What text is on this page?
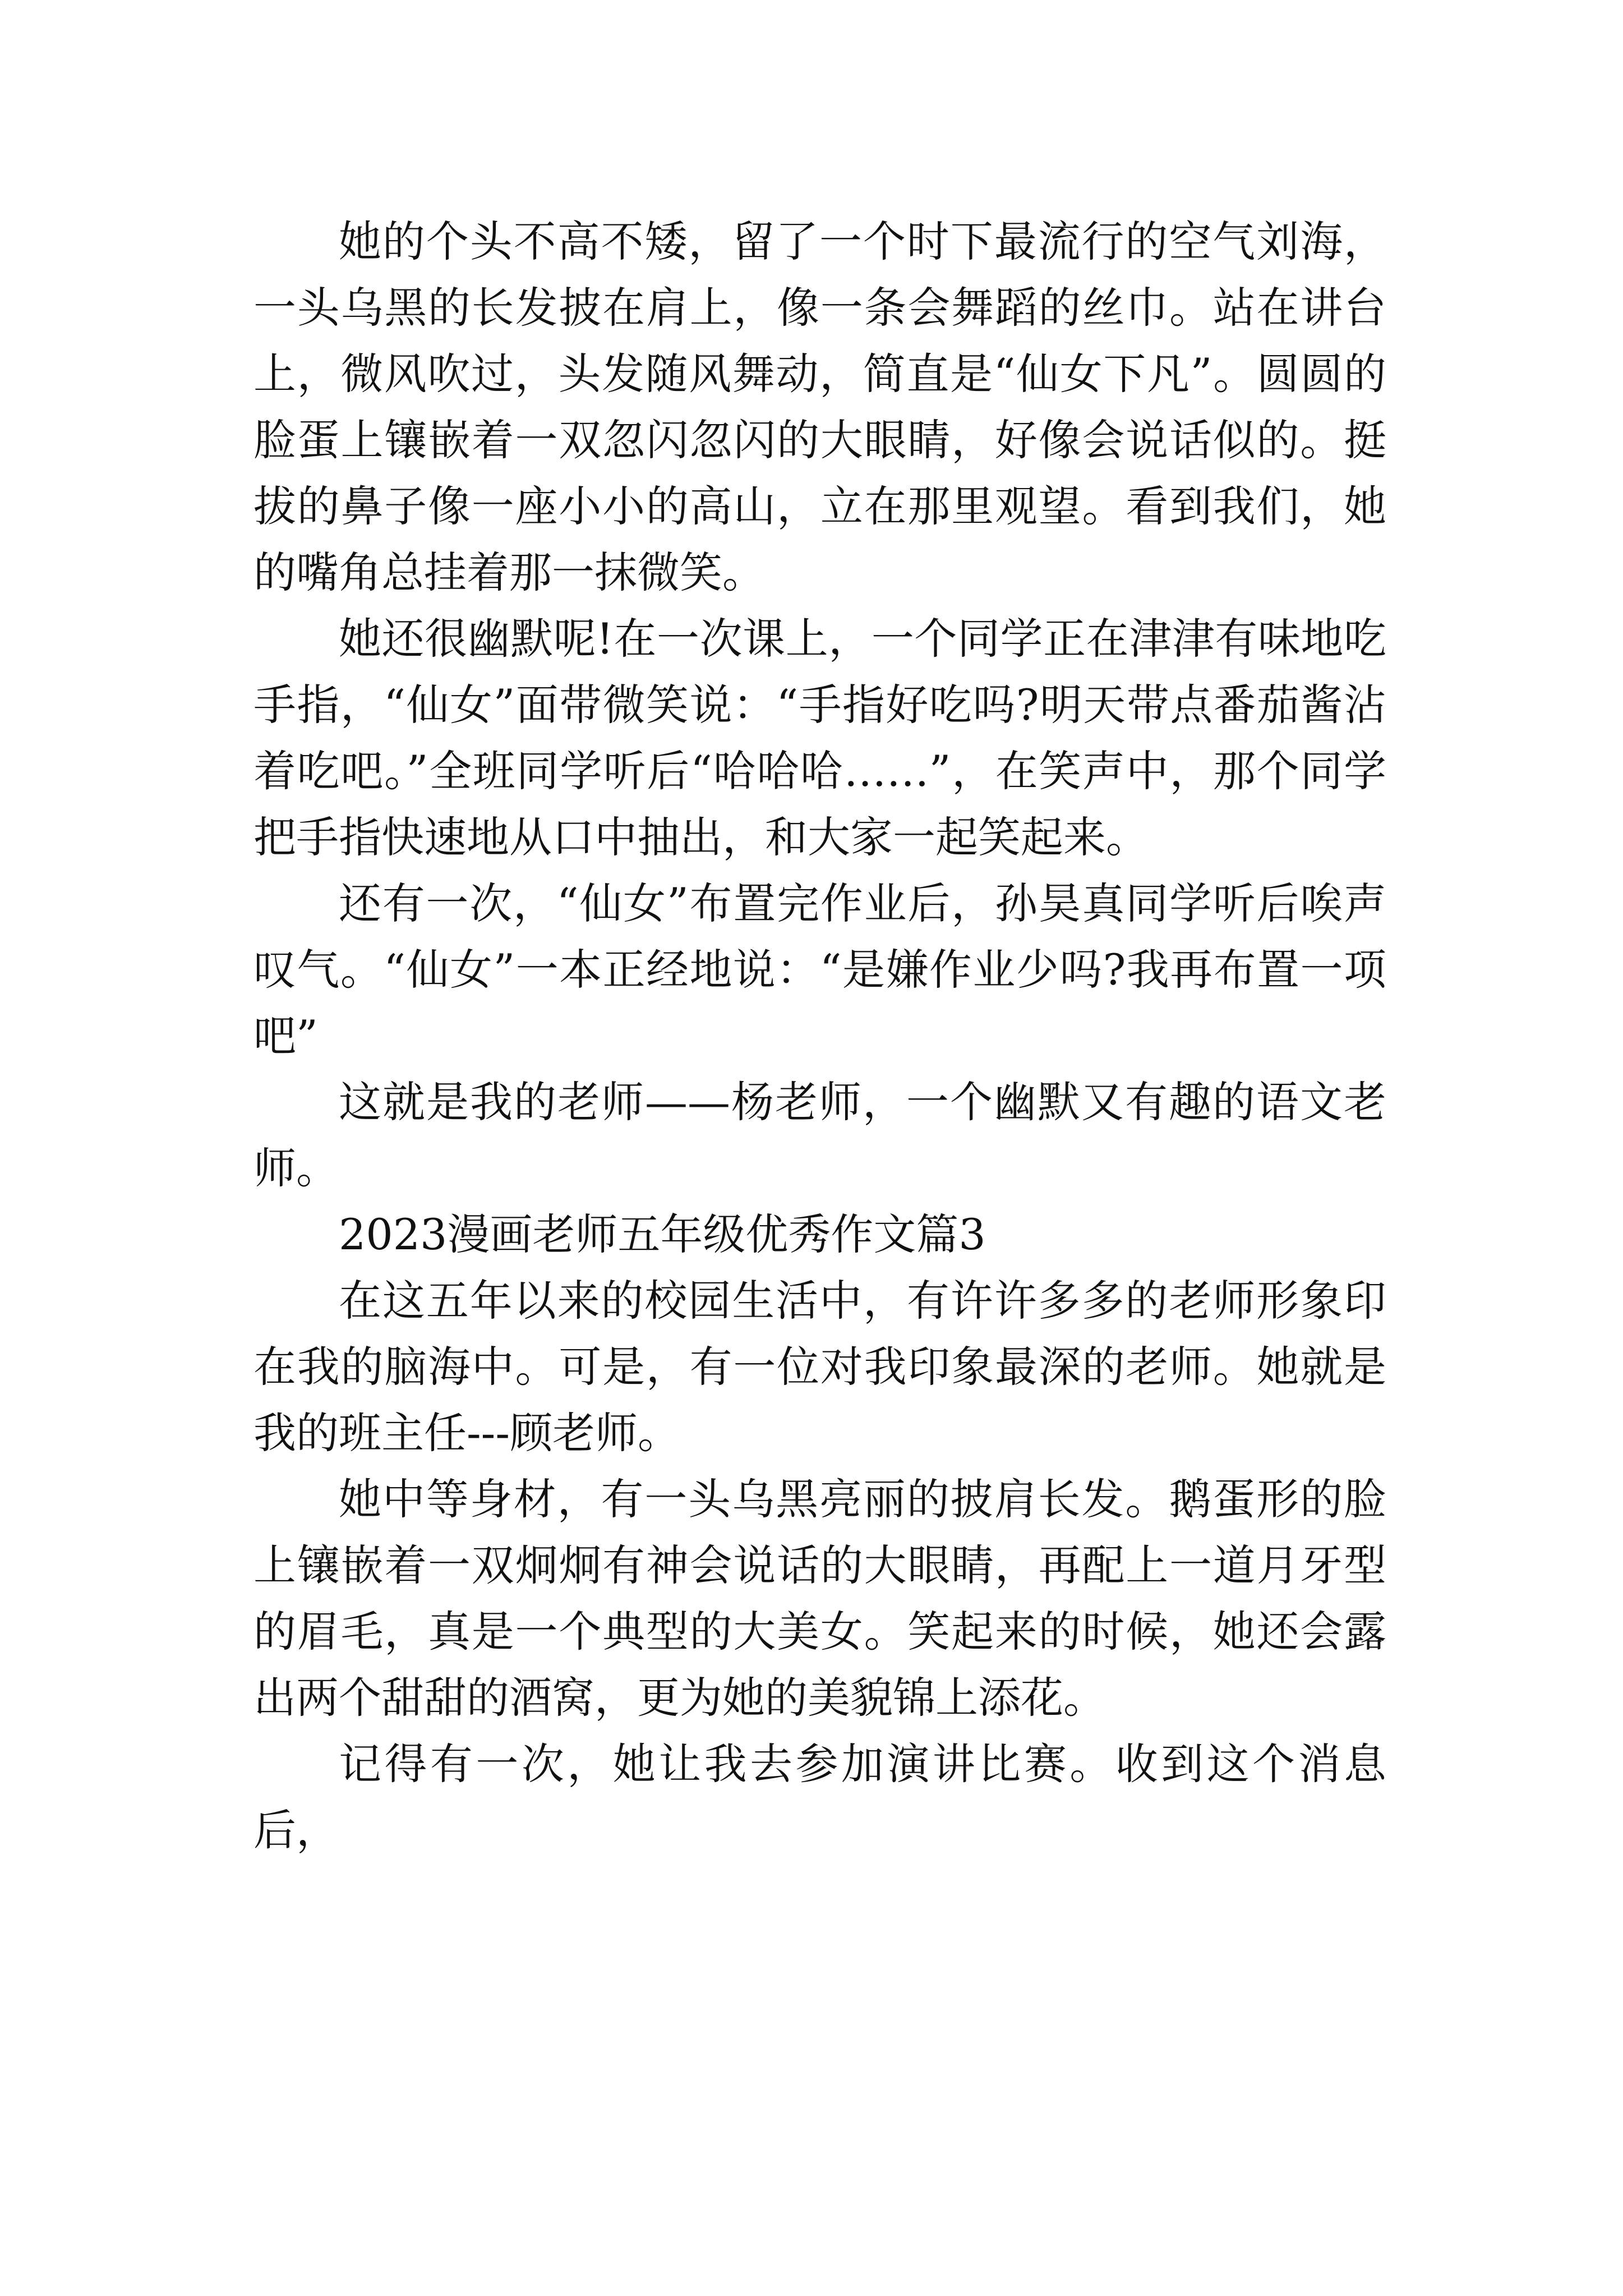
她的个头不高不矮，留了一个时下最流行的空气刘海，一头乌黑的长发披在肩上，像一条会舞蹈的丝巾。站在讲台上，微风吹过，头发随风舞动，简直是“仙女下凡”。圆圆的脸蛋上镶嵌着一双忽闪忽闪的大眼睛，好像会说话似的。挺拔的鼻子像一座小小的高山，立在那里观望。看到我们，她的嘴角总挂着那一抹微笑。

她还很幽默呢!在一次课上，一个同学正在津津有味地吃手指，“仙女”面带微笑说：“手指好吃吗?明天带点番茄酱沾着吃吧。”全班同学听后“哈哈哈……”，在笑声中，那个同学把手指快速地从口中抽出，和大家一起笑起来。

还有一次，“仙女”布置完作业后，孙昊真同学听后唉声叹气。“仙女”一本正经地说：“是嫌作业少吗?我再布置一项吧”

这就是我的老师——杨老师，一个幽默又有趣的语文老师。

2023漫画老师五年级优秀作文篇3

在这五年以来的校园生活中，有许许多多的老师形象印在我的脑海中。可是，有一位对我印象最深的老师。她就是我的班主任---顾老师。

她中等身材，有一头乌黑亮丽的披肩长发。鹅蛋形的脸上镶嵌着一双炯炯有神会说话的大眼睛，再配上一道月牙型的眉毛，真是一个典型的大美女。笑起来的时候，她还会露出两个甜甜的酒窝，更为她的美貌锦上添花。

记得有一次，她让我去参加演讲比赛。收到这个消息后，
